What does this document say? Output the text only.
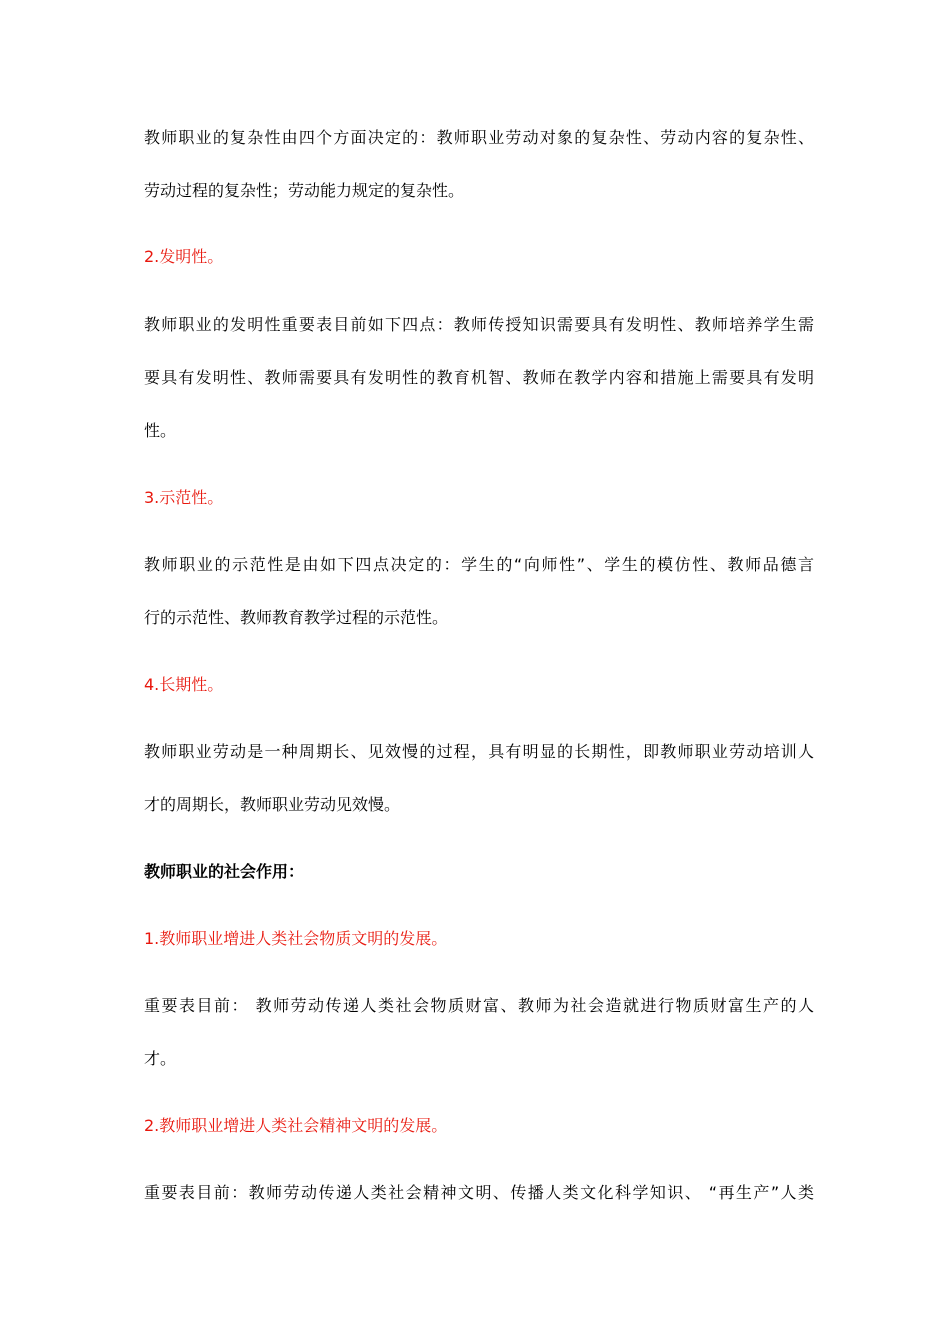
教师职业的复杂性由四个方面决定的：教师职业劳动对象的复杂性、劳动内容的复杂性、
劳动过程的复杂性；劳动能力规定的复杂性。
2.发明性。
教师职业的发明性重要表目前如下四点：教师传授知识需要具有发明性、教师培养学生需
要具有发明性、教师需要具有发明性的教育机智、教师在教学内容和措施上需要具有发明
性。
3.示范性。
教师职业的示范性是由如下四点决定的：学生的“向师性”、学生的模仿性、教师品德言
行的示范性、教师教育教学过程的示范性。
4.长期性。
教师职业劳动是一种周期长、见效慢的过程，具有明显的长期性，即教师职业劳动培训人
才的周期长，教师职业劳动见效慢。
教师职业的社会作用：
1.教师职业增进人类社会物质文明的发展。
重要表目前： 教师劳动传递人类社会物质财富、教师为社会造就进行物质财富生产的人
才。
2.教师职业增进人类社会精神文明的发展。
重要表目前：教师劳动传递人类社会精神文明、传播人类文化科学知识、 “再生产”人类
